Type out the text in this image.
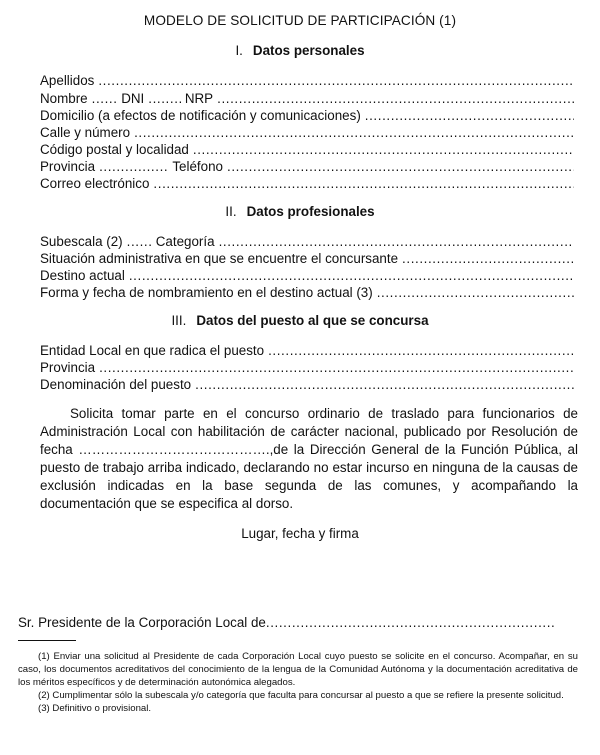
MODELO DE SOLICITUD DE PARTICIPACIÓN (1)
I. Datos personales
Apellidos
.....
Nombre .....	DNI .....	NRP
.....
Domicilio (a efectos de notificación y comunicaciones)
.....
Calle y número
.....
Código postal y localidad
.....
Provincia .....	Teléfono
.....
Correo electrónico
.....
II. Datos profesionales
Subescala (2) ..... Categoría
.....
Situación administrativa en que se encuentre el concursante
.....
Destino actual
.....
Forma y fecha de nombramiento en el destino actual (3)
.....
III. Datos del puesto al que se concursa
Entidad Local en que radica el puesto
.....
Provincia
.....
Denominación del puesto
.....
Solicita tomar parte en el concurso ordinario de traslado para funcionarios de Administración Local con habilitación de carácter nacional, publicado por Resolución de fecha …………………………………….,de la Dirección General de la Función Pública, al puesto de trabajo arriba indicado, declarando no estar incurso en ninguna de la causas de exclusión indicadas en la base segunda de las comunes, y acompañando la documentación que se especifica al dorso.
Lugar, fecha y firma
Sr. Presidente de la Corporación Local de
.....

(1) Enviar una solicitud al Presidente de cada Corporación Local cuyo puesto se solicite en el concurso. Acompañar, en su caso, los documentos acreditativos del conocimiento de la lengua de la Comunidad Autónoma y la documentación acreditativa de los méritos específicos y de determinación autonómica alegados.

(2) Cumplimentar sólo la subescala y/o categoría que faculta para concursar al puesto a que se refiere la presente solicitud.

(3) Definitivo o provisional.
